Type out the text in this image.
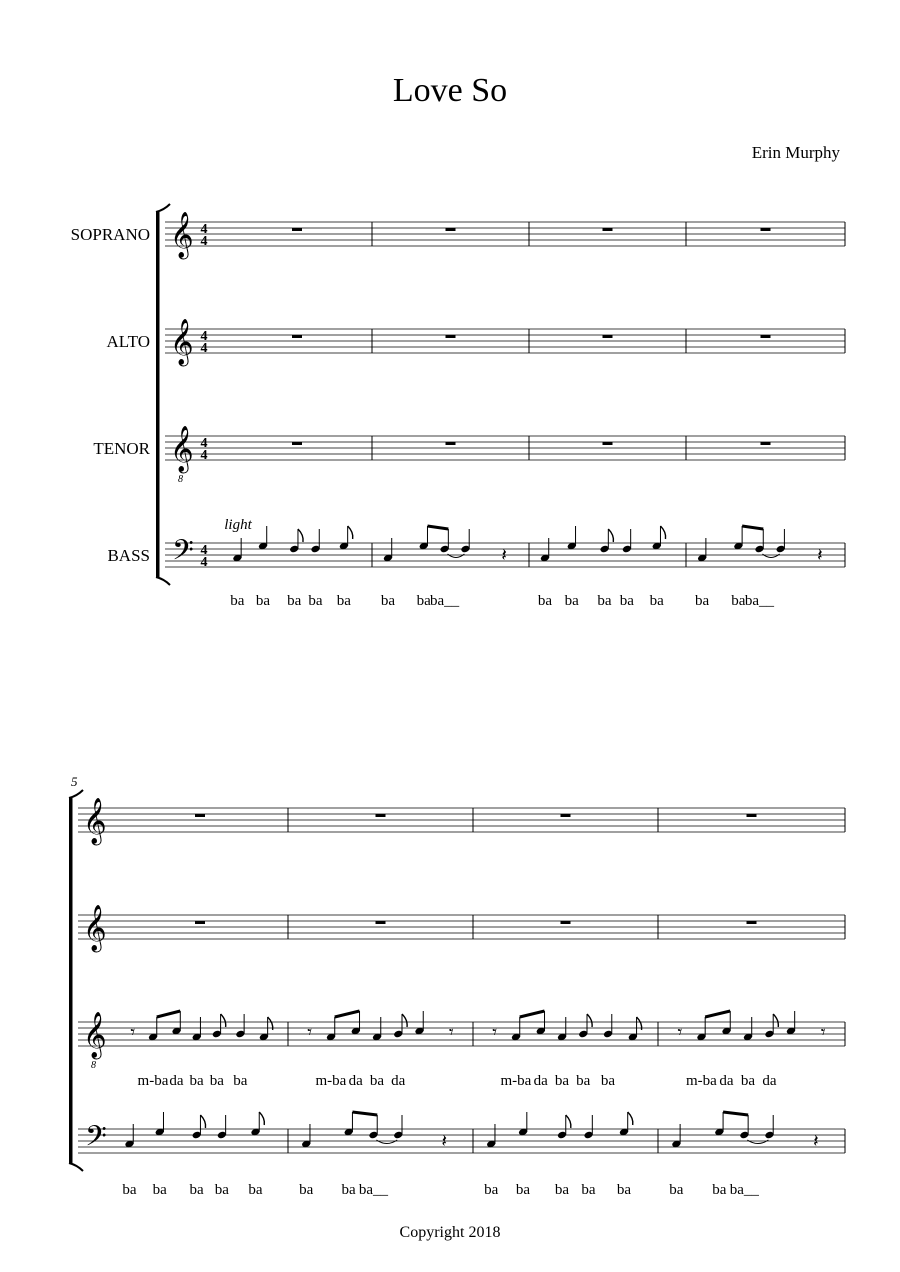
Love So
Erin Murphy
𝄞 4
4
SOPRANO
𝄞 4
4
ALTO
𝄞
8
4
4
TENOR
𝄢 4
4
BASS
ba ba ba ba ba
𝄽
ba ba ba__	ba ba ba ba ba
𝄽
ba ba ba__
light
5
𝄞
𝄞
𝄞
8
𝄾
m-ba da ba ba ba
𝄾	𝄾
m-ba da ba da
𝄾
m-ba da ba ba ba
𝄾	𝄾
m-ba da ba da
𝄢
ba ba ba ba ba
𝄽
ba ba ba__	ba ba ba ba ba
𝄽
ba ba ba__
Copyright 2018
